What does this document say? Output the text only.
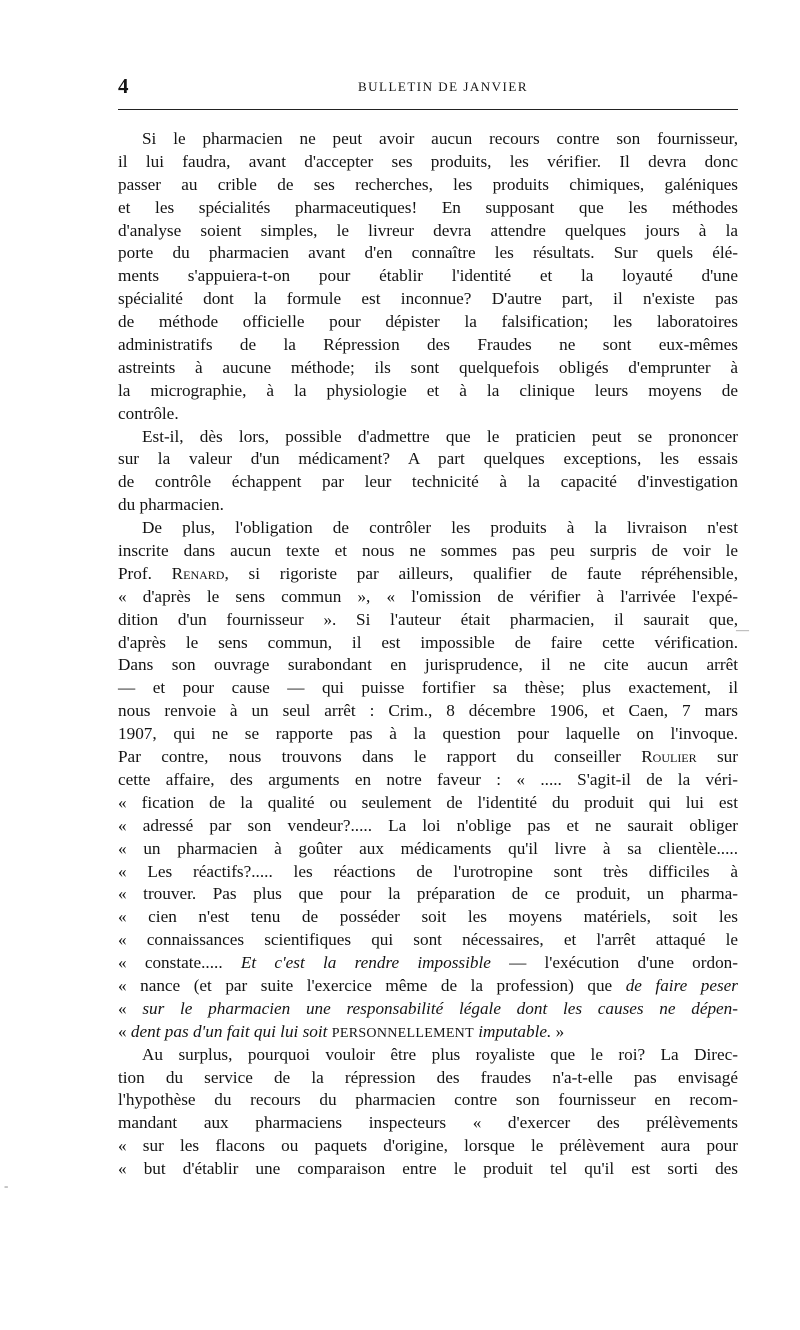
4	BULLETIN DE JANVIER
Si le pharmacien ne peut avoir aucun recours contre son fournisseur,
il lui faudra, avant d'accepter ses produits, les vérifier. Il devra donc
passer au crible de ses recherches, les produits chimiques, galéniques
et les spécialités pharmaceutiques! En supposant que les méthodes
d'analyse soient simples, le livreur devra attendre quelques jours à la
porte du pharmacien avant d'en connaître les résultats. Sur quels élé-
ments s'appuiera-t-on pour établir l'identité et la loyauté d'une
spécialité dont la formule est inconnue? D'autre part, il n'existe pas
de méthode officielle pour dépister la falsification; les laboratoires
administratifs de la Répression des Fraudes ne sont eux-mêmes
astreints à aucune méthode; ils sont quelquefois obligés d'emprunter à
la micrographie, à la physiologie et à la clinique leurs moyens de
contrôle.
Est-il, dès lors, possible d'admettre que le praticien peut se prononcer
sur la valeur d'un médicament? A part quelques exceptions, les essais
de contrôle échappent par leur technicité à la capacité d'investigation
du pharmacien.
De plus, l'obligation de contrôler les produits à la livraison n'est
inscrite dans aucun texte et nous ne sommes pas peu surpris de voir le
Prof. Renard, si rigoriste par ailleurs, qualifier de faute répréhensible,
« d'après le sens commun », « l'omission de vérifier à l'arrivée l'expé-
dition d'un fournisseur ». Si l'auteur était pharmacien, il saurait que,
d'après le sens commun, il est impossible de faire cette vérification.
Dans son ouvrage surabondant en jurisprudence, il ne cite aucun arrêt
— et pour cause — qui puisse fortifier sa thèse; plus exactement, il
nous renvoie à un seul arrêt : Crim., 8 décembre 1906, et Caen, 7 mars
1907, qui ne se rapporte pas à la question pour laquelle on l'invoque.
Par contre, nous trouvons dans le rapport du conseiller Roulier sur
cette affaire, des arguments en notre faveur : « ..... S'agit-il de la véri-
« fication de la qualité ou seulement de l'identité du produit qui lui est
« adressé par son vendeur?..... La loi n'oblige pas et ne saurait obliger
« un pharmacien à goûter aux médicaments qu'il livre à sa clientèle.....
« Les réactifs?..... les réactions de l'urotropine sont très difficiles à
« trouver. Pas plus que pour la préparation de ce produit, un pharma-
« cien n'est tenu de posséder soit les moyens matériels, soit les
« connaissances scientifiques qui sont nécessaires, et l'arrêt attaqué le
« constate..... Et c'est la rendre impossible — l'exécution d'une ordon-
« nance (et par suite l'exercice même de la profession) que de faire peser
« sur le pharmacien une responsabilité légale dont les causes ne dépen-
« dent pas d'un fait qui lui soit PERSONNELLEMENT imputable. »
Au surplus, pourquoi vouloir être plus royaliste que le roi? La Direc-
tion du service de la répression des fraudes n'a-t-elle pas envisagé
l'hypothèse du recours du pharmacien contre son fournisseur en recom-
mandant aux pharmaciens inspecteurs « d'exercer des prélèvements
« sur les flacons ou paquets d'origine, lorsque le prélèvement aura pour
« but d'établir une comparaison entre le produit tel qu'il est sorti des
—
-
